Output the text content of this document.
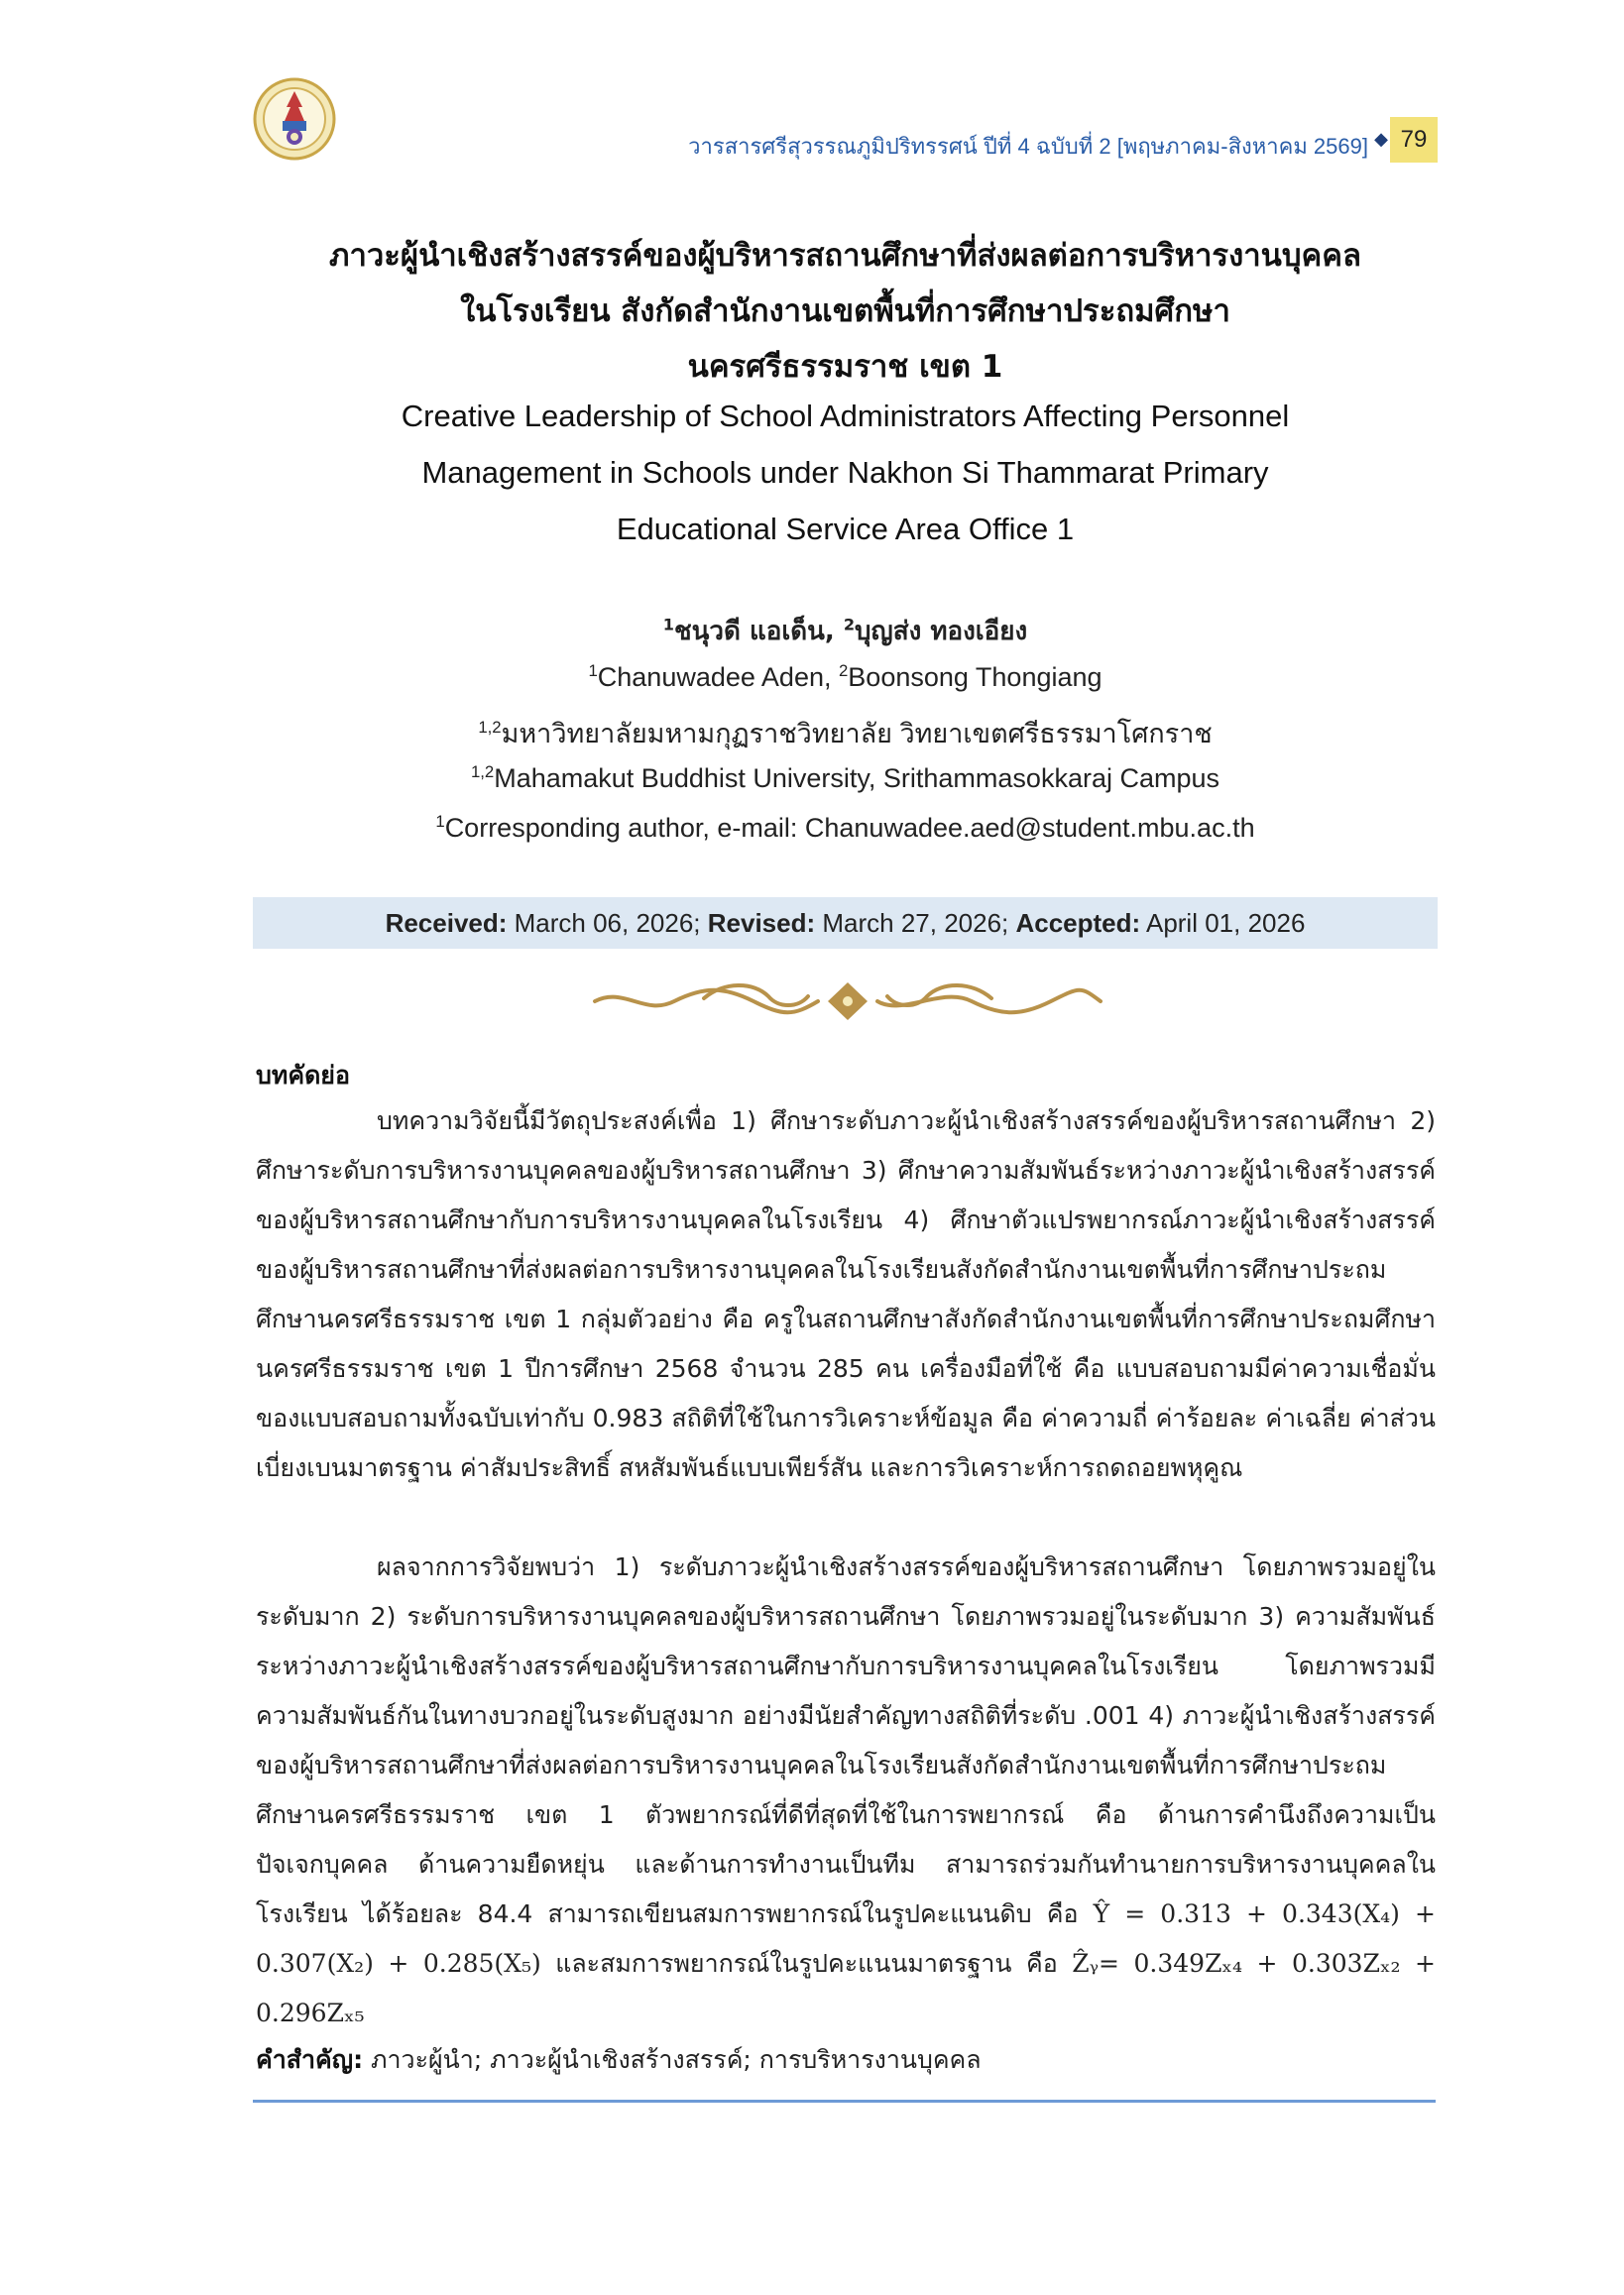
วารสารศรีสุวรรณภูมิปริทรรศน์ ปีที่ 4 ฉบับที่ 2 [พฤษภาคม-สิงหาคม 2569] ◆ 79
ภาวะผู้นำเชิงสร้างสรรค์ของผู้บริหารสถานศึกษาที่ส่งผลต่อการบริหารงานบุคคล
ในโรงเรียน สังกัดสำนักงานเขตพื้นที่การศึกษาประถมศึกษา
นครศรีธรรมราช เขต 1
Creative Leadership of School Administrators Affecting Personnel
Management in Schools under Nakhon Si Thammarat Primary
Educational Service Area Office 1
$^1$ชนุวดี แอเด็น, $^2$บุญส่ง ทองเอียง
$^1$Chanuwadee Aden, $^2$Boonsong Thongiang
$^{1,2}$มหาวิทยาลัยมหามกุฏราชวิทยาลัย วิทยาเขตศรีธรรมาโศกราช
$^{1,2}$Mahamakut Buddhist University, Srithammasokkaraj Campus
$^1$Corresponding author, e-mail: Chanuwadee.aed@student.mbu.ac.th
Received: March 06, 2026; Revised: March 27, 2026; Accepted: April 01, 2026
บทคัดย่อ

บทความวิจัยนี้มีวัตถุประสงค์เพื่อ 1) ศึกษาระดับภาวะผู้นำเชิงสร้างสรรค์ของผู้บริหารสถานศึกษา 2) ศึกษาระดับการบริหารงานบุคคลของผู้บริหารสถานศึกษา 3) ศึกษาความสัมพันธ์ระหว่างภาวะผู้นำเชิงสร้างสรรค์ของผู้บริหารสถานศึกษากับการบริหารงานบุคคลในโรงเรียน 4) ศึกษาตัวแปรพยากรณ์ภาวะผู้นำเชิงสร้างสรรค์ของผู้บริหารสถานศึกษาที่ส่งผลต่อการบริหารงานบุคคลในโรงเรียนสังกัดสำนักงานเขตพื้นที่การศึกษาประถมศึกษานครศรีธรรมราช เขต 1 กลุ่มตัวอย่าง คือ ครูในสถานศึกษาสังกัดสำนักงานเขตพื้นที่การศึกษาประถมศึกษานครศรีธรรมราช เขต 1 ปีการศึกษา 2568 จำนวน 285 คน เครื่องมือที่ใช้ คือ แบบสอบถามมีค่าความเชื่อมั่นของแบบสอบถามทั้งฉบับเท่ากับ 0.983 สถิติที่ใช้ในการวิเคราะห์ข้อมูล คือ ค่าความถี่ ค่าร้อยละ ค่าเฉลี่ย ค่าส่วนเบี่ยงเบนมาตรฐาน ค่าสัมประสิทธิ์ สหสัมพันธ์แบบเพียร์สัน และการวิเคราะห์การถดถอยพหุคูณ

ผลจากการวิจัยพบว่า 1) ระดับภาวะผู้นำเชิงสร้างสรรค์ของผู้บริหารสถานศึกษา โดยภาพรวมอยู่ในระดับมาก 2) ระดับการบริหารงานบุคคลของผู้บริหารสถานศึกษา โดยภาพรวมอยู่ในระดับมาก 3) ความสัมพันธ์ระหว่างภาวะผู้นำเชิงสร้างสรรค์ของผู้บริหารสถานศึกษากับการบริหารงานบุคคลในโรงเรียน โดยภาพรวมมีความสัมพันธ์กันในทางบวกอยู่ในระดับสูงมาก อย่างมีนัยสำคัญทางสถิติที่ระดับ .001 4) ภาวะผู้นำเชิงสร้างสรรค์ของผู้บริหารสถานศึกษาที่ส่งผลต่อการบริหารงานบุคคลในโรงเรียนสังกัดสำนักงานเขตพื้นที่การศึกษาประถมศึกษานครศรีธรรมราช เขต 1 ตัวพยากรณ์ที่ดีที่สุดที่ใช้ในการพยากรณ์ คือ ด้านการคำนึงถึงความเป็นปัจเจกบุคคล ด้านความยืดหยุ่น และด้านการทำงานเป็นทีม สามารถร่วมกันทำนายการบริหารงานบุคคลในโรงเรียน ได้ร้อยละ 84.4 สามารถเขียนสมการพยากรณ์ในรูปคะแนนดิบ คือ Ŷ = 0.313 + 0.343(X₄) + 0.307(X₂) + 0.285(X₅) และสมการพยากรณ์ในรูปคะแนนมาตรฐาน คือ Ẑᵧ= 0.349Zₓ₄ + 0.303Zₓ₂ + 0.296Zₓ₅

คำสำคัญ: ภาวะผู้นำ; ภาวะผู้นำเชิงสร้างสรรค์; การบริหารงานบุคคล
